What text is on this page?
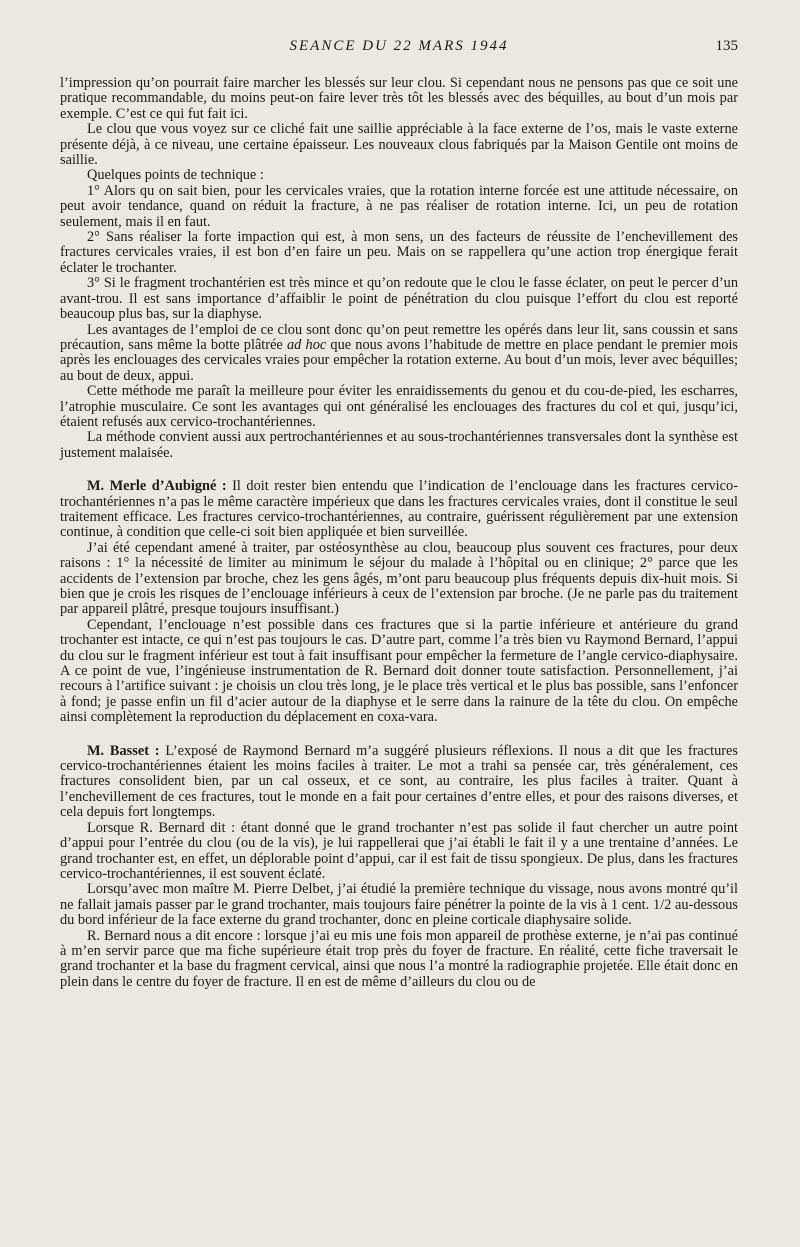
SEANCE DU 22 MARS 1944	135

l’impression qu’on pourrait faire marcher les blessés sur leur clou. Si cependant nous ne pensons pas que ce soit une pratique recommandable, du moins peut-on faire lever très tôt les blessés avec des béquilles, au bout d’un mois par exemple. C’est ce qui fut fait ici.

Le clou que vous voyez sur ce cliché fait une saillie appréciable à la face externe de l’os, mais le vaste externe présente déjà, à ce niveau, une certaine épaisseur. Les nouveaux clous fabriqués par la Maison Gentile ont moins de saillie.

Quelques points de technique :

1° Alors qu on sait bien, pour les cervicales vraies, que la rotation interne forcée est une attitude nécessaire, on peut avoir tendance, quand on réduit la fracture, à ne pas réaliser de rotation interne. Ici, un peu de rotation seulement, mais il en faut.

2° Sans réaliser la forte impaction qui est, à mon sens, un des facteurs de réussite de l’enchevillement des fractures cervicales vraies, il est bon d’en faire un peu. Mais on se rappellera qu’une action trop énergique ferait éclater le trochanter.

3° Si le fragment trochantérien est très mince et qu’on redoute que le clou le fasse éclater, on peut le percer d’un avant-trou. Il est sans importance d’affaiblir le point de pénétration du clou puisque l’effort du clou est reporté beaucoup plus bas, sur la diaphyse.

Les avantages de l’emploi de ce clou sont donc qu’on peut remettre les opérés dans leur lit, sans coussin et sans précaution, sans même la botte plâtrée ad hoc que nous avons l’habitude de mettre en place pendant le premier mois après les enclouages des cervicales vraies pour empêcher la rotation externe. Au bout d’un mois, lever avec béquilles; au bout de deux, appui.

Cette méthode me paraît la meilleure pour éviter les enraidissements du genou et du cou-de-pied, les escharres, l’atrophie musculaire. Ce sont les avantages qui ont généralisé les enclouages des fractures du col et qui, jusqu’ici, étaient refusés aux cervico-trochantériennes.

La méthode convient aussi aux pertrochantériennes et au sous-trochantériennes transversales dont la synthèse est justement malaisée.

M. Merle d’Aubigné : Il doit rester bien entendu que l’indication de l’enclouage dans les fractures cervico-trochantériennes n’a pas le même caractère impérieux que dans les fractures cervicales vraies, dont il constitue le seul traitement efficace. Les fractures cervico-trochantériennes, au contraire, guérissent régulièrement par une extension continue, à condition que celle-ci soit bien appliquée et bien surveillée.

J’ai été cependant amené à traiter, par ostéosynthèse au clou, beaucoup plus souvent ces fractures, pour deux raisons : 1° la nécessité de limiter au minimum le séjour du malade à l’hôpital ou en clinique; 2° parce que les accidents de l’extension par broche, chez les gens âgés, m’ont paru beaucoup plus fréquents depuis dix-huit mois. Si bien que je crois les risques de l’enclouage inférieurs à ceux de l’extension par broche. (Je ne parle pas du traitement par appareil plâtré, presque toujours insuffisant.)

Cependant, l’enclouage n’est possible dans ces fractures que si la partie inférieure et antérieure du grand trochanter est intacte, ce qui n’est pas toujours le cas. D’autre part, comme l’a très bien vu Raymond Bernard, l’appui du clou sur le fragment inférieur est tout à fait insuffisant pour empêcher la fermeture de l’angle cervico-diaphysaire. A ce point de vue, l’ingénieuse instrumentation de R. Bernard doit donner toute satisfaction. Personnellement, j’ai recours à l’artifice suivant : je choisis un clou très long, je le place très vertical et le plus bas possible, sans l’enfoncer à fond; je passe enfin un fil d’acier autour de la diaphyse et le serre dans la rainure de la tête du clou. On empêche ainsi complètement la reproduction du déplacement en coxa-vara.

M. Basset : L’exposé de Raymond Bernard m’a suggéré plusieurs réflexions. Il nous a dit que les fractures cervico-trochantériennes étaient les moins faciles à traiter. Le mot a trahi sa pensée car, très généralement, ces fractures consolident bien, par un cal osseux, et ce sont, au contraire, les plus faciles à traiter. Quant à l’enchevillement de ces fractures, tout le monde en a fait pour certaines d’entre elles, et pour des raisons diverses, et cela depuis fort longtemps.

Lorsque R. Bernard dit : étant donné que le grand trochanter n’est pas solide il faut chercher un autre point d’appui pour l’entrée du clou (ou de la vis), je lui rappellerai que j’ai établi le fait il y a une trentaine d’années. Le grand trochanter est, en effet, un déplorable point d’appui, car il est fait de tissu spongieux. De plus, dans les fractures cervico-trochantériennes, il est souvent éclaté.

Lorsqu’avec mon maître M. Pierre Delbet, j’ai étudié la première technique du vissage, nous avons montré qu’il ne fallait jamais passer par le grand trochanter, mais toujours faire pénétrer la pointe de la vis à 1 cent. 1/2 au-dessous du bord inférieur de la face externe du grand trochanter, donc en pleine corticale diaphysaire solide.

R. Bernard nous a dit encore : lorsque j’ai eu mis une fois mon appareil de prothèse externe, je n’ai pas continué à m’en servir parce que ma fiche supérieure était trop près du foyer de fracture. En réalité, cette fiche traversait le grand trochanter et la base du fragment cervical, ainsi que nous l’a montré la radiographie projetée. Elle était donc en plein dans le centre du foyer de fracture. Il en est de même d’ailleurs du clou ou de
